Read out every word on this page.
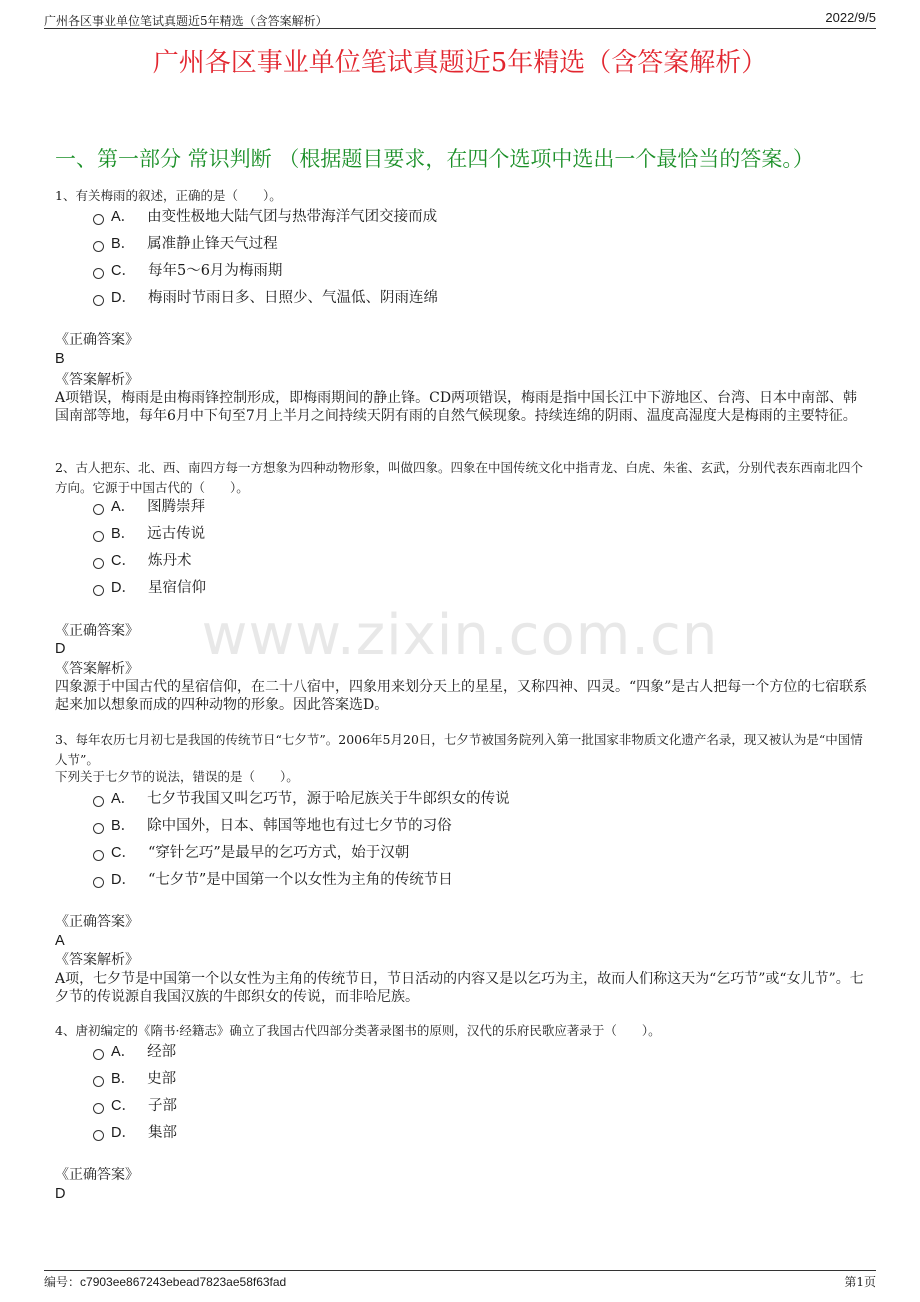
广州各区事业单位笔试真题近5年精选（含答案解析）	2022/9/5
广州各区事业单位笔试真题近5年精选（含答案解析）
一、第一部分 常识判断 （根据题目要求，在四个选项中选出一个最恰当的答案。）
www.zixin.com.cn
1、有关梅雨的叙述，正确的是（　　）。
A． 由变性极地大陆气团与热带海洋气团交接而成
B． 属准静止锋天气过程
C． 每年5～6月为梅雨期
D． 梅雨时节雨日多、日照少、气温低、阴雨连绵
《正确答案》
B
《答案解析》
A项错误，梅雨是由梅雨锋控制形成，即梅雨期间的静止锋。CD两项错误，梅雨是指中国长江中下游地区、台湾、日本中南部、韩国南部等地，每年6月中下旬至7月上半月之间持续天阴有雨的自然气候现象。持续连绵的阴雨、温度高湿度大是梅雨的主要特征。
2、古人把东、北、西、南四方每一方想象为四种动物形象，叫做四象。四象在中国传统文化中指青龙、白虎、朱雀、玄武，分别代表东西南北四个方向。它源于中国古代的（　　）。
A． 图腾崇拜
B． 远古传说
C． 炼丹术
D． 星宿信仰
《正确答案》
D
《答案解析》
四象源于中国古代的星宿信仰，在二十八宿中，四象用来划分天上的星星，又称四神、四灵。“四象”是古人把每一个方位的七宿联系起来加以想象而成的四种动物的形象。因此答案选D。
3、每年农历七月初七是我国的传统节日“七夕节”。2006年5月20日，七夕节被国务院列入第一批国家非物质文化遗产名录，现又被认为是“中国情人节”。
下列关于七夕节的说法，错误的是（　　）。
A． 七夕节我国又叫乞巧节，源于哈尼族关于牛郎织女的传说
B． 除中国外，日本、韩国等地也有过七夕节的习俗
C． “穿针乞巧”是最早的乞巧方式，始于汉朝
D． “七夕节”是中国第一个以女性为主角的传统节日
《正确答案》
A
《答案解析》
A项，七夕节是中国第一个以女性为主角的传统节日，节日活动的内容又是以乞巧为主，故而人们称这天为“乞巧节”或“女儿节”。七夕节的传说源自我国汉族的牛郎织女的传说，而非哈尼族。
4、唐初编定的《隋书·经籍志》确立了我国古代四部分类著录图书的原则，汉代的乐府民歌应著录于（　　）。
A． 经部
B． 史部
C． 子部
D． 集部
《正确答案》
D
编号：c7903ee867243ebead7823ae58f63fad	第1页
